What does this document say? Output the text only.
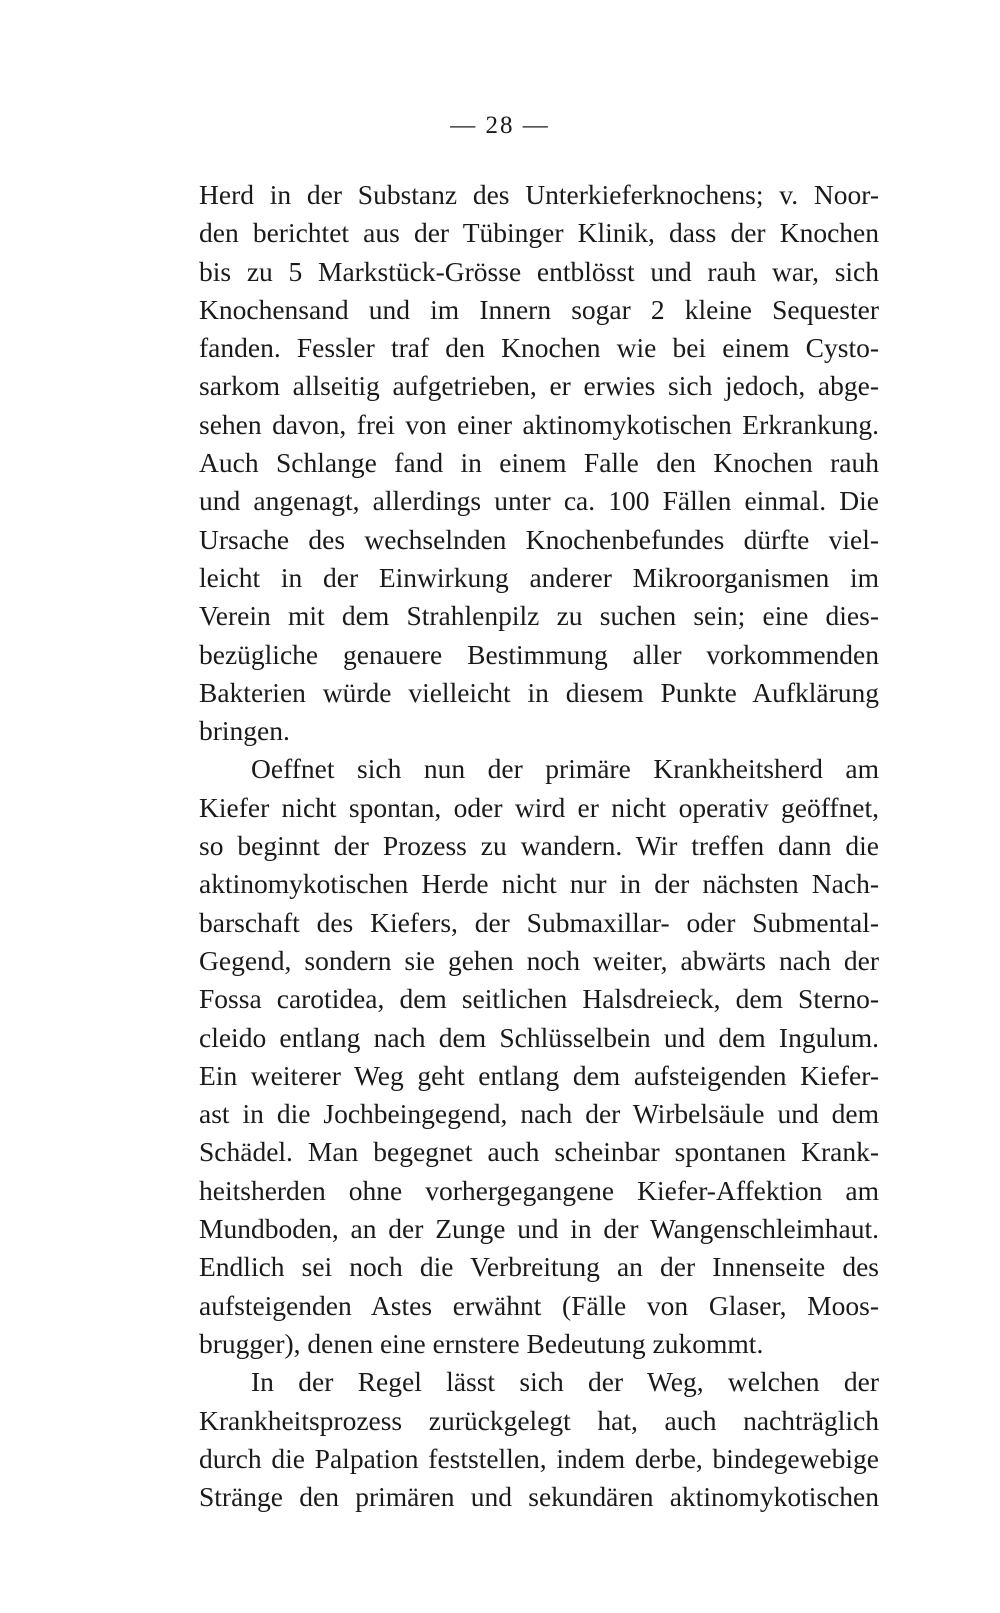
— 28 —
Herd in der Substanz des Unterkieferknochens; v. Noor-
den berichtet aus der Tübinger Klinik, dass der Knochen
bis zu 5 Markstück-Grösse entblösst und rauh war, sich
Knochensand und im Innern sogar 2 kleine Sequester
fanden. Fessler traf den Knochen wie bei einem Cysto-
sarkom allseitig aufgetrieben, er erwies sich jedoch, abge-
sehen davon, frei von einer aktinomykotischen Erkrankung.
Auch Schlange fand in einem Falle den Knochen rauh
und angenagt, allerdings unter ca. 100 Fällen einmal. Die
Ursache des wechselnden Knochenbefundes dürfte viel-
leicht in der Einwirkung anderer Mikroorganismen im
Verein mit dem Strahlenpilz zu suchen sein; eine dies-
bezügliche genauere Bestimmung aller vorkommenden
Bakterien würde vielleicht in diesem Punkte Aufklärung
bringen.
Oeffnet sich nun der primäre Krankheitsherd am
Kiefer nicht spontan, oder wird er nicht operativ geöffnet,
so beginnt der Prozess zu wandern. Wir treffen dann die
aktinomykotischen Herde nicht nur in der nächsten Nach-
barschaft des Kiefers, der Submaxillar- oder Submental-
Gegend, sondern sie gehen noch weiter, abwärts nach der
Fossa carotidea, dem seitlichen Halsdreieck, dem Sterno-
cleido entlang nach dem Schlüsselbein und dem Ingulum.
Ein weiterer Weg geht entlang dem aufsteigenden Kiefer-
ast in die Jochbeingegend, nach der Wirbelsäule und dem
Schädel. Man begegnet auch scheinbar spontanen Krank-
heitsherden ohne vorhergegangene Kiefer-Affektion am
Mundboden, an der Zunge und in der Wangenschleimhaut.
Endlich sei noch die Verbreitung an der Innenseite des
aufsteigenden Astes erwähnt (Fälle von Glaser, Moos-
brugger), denen eine ernstere Bedeutung zukommt.
In der Regel lässt sich der Weg, welchen der
Krankheitsprozess zurückgelegt hat, auch nachträglich
durch die Palpation feststellen, indem derbe, bindegewebige
Stränge den primären und sekundären aktinomykotischen
